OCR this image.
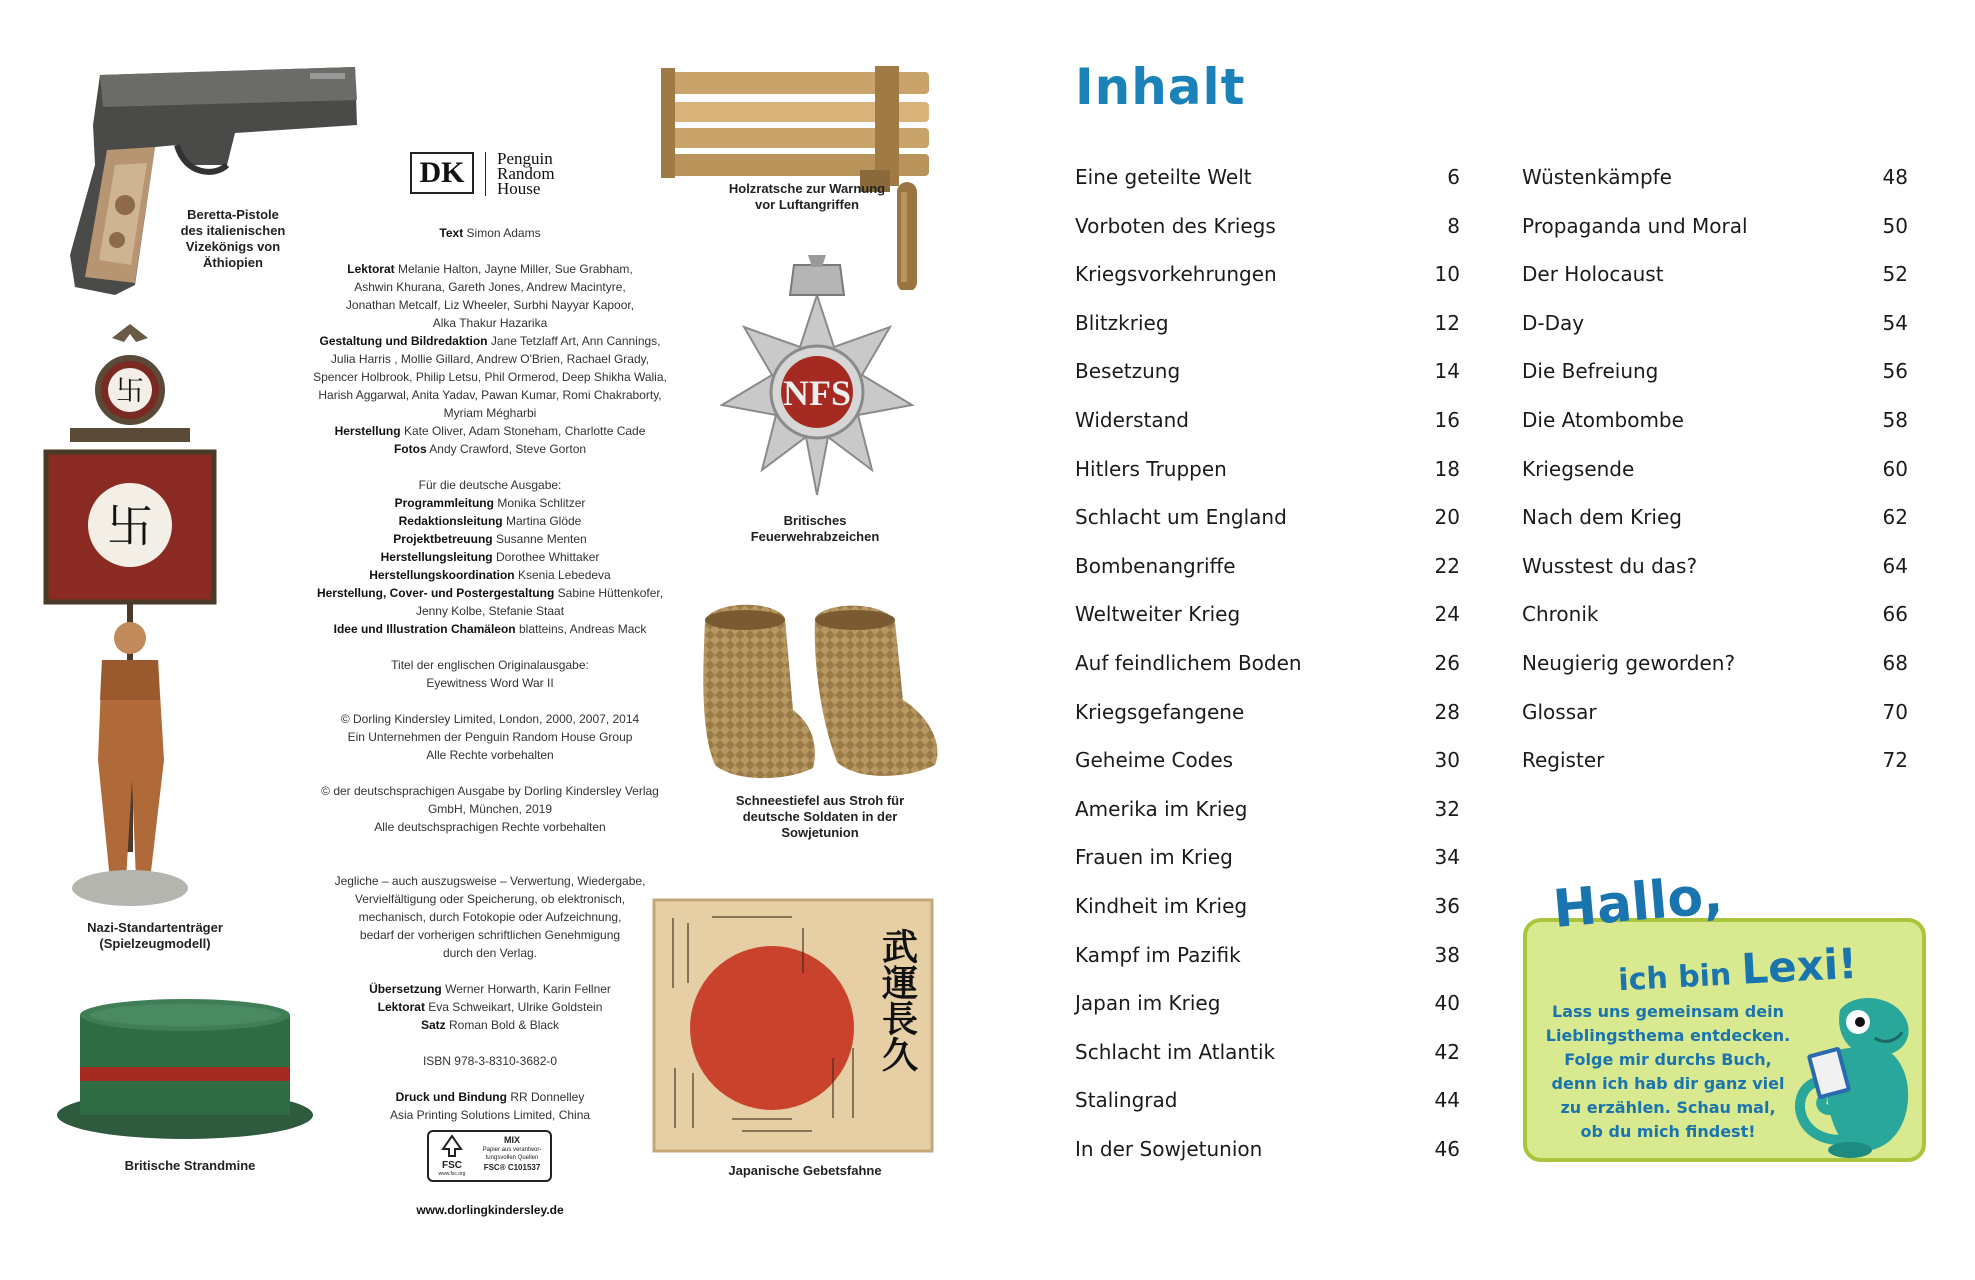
Beretta-Pistole
des italienischen
Vizekönigs von
Äthiopien
卐
卐
Nazi-Standartenträger
(Spielzeugmodell)
Britische Strandmine
DK	Penguin
Random
House
Text Simon Adams
Lektorat Melanie Halton, Jayne Miller, Sue Grabham,
Ashwin Khurana, Gareth Jones, Andrew Macintyre,
Jonathan Metcalf, Liz Wheeler, Surbhi Nayyar Kapoor,
Alka Thakur Hazarika
Gestaltung und Bildredaktion Jane Tetzlaff Art, Ann Cannings,
Julia Harris , Mollie Gillard, Andrew O'Brien, Rachael Grady,
Spencer Holbrook, Philip Letsu, Phil Ormerod, Deep Shikha Walia,
Harish Aggarwal, Anita Yadav, Pawan Kumar, Romi Chakraborty,
Myriam Mégharbi
Herstellung Kate Oliver, Adam Stoneham, Charlotte Cade
Fotos Andy Crawford, Steve Gorton
Für die deutsche Ausgabe:
Programmleitung Monika Schlitzer
Redaktionsleitung Martina Glöde
Projektbetreuung Susanne Menten
Herstellungsleitung Dorothee Whittaker
Herstellungskoordination Ksenia Lebedeva
Herstellung, Cover- und Postergestaltung Sabine Hüttenkofer,
Jenny Kolbe, Stefanie Staat
Idee und Illustration Chamäleon blatteins, Andreas Mack
Titel der englischen Originalausgabe:
Eyewitness Word War II
© Dorling Kindersley Limited, London, 2000, 2007, 2014
Ein Unternehmen der Penguin Random House Group
Alle Rechte vorbehalten
© der deutschsprachigen Ausgabe by Dorling Kindersley Verlag
GmbH, München, 2019
Alle deutschsprachigen Rechte vorbehalten
Jegliche – auch auszugsweise – Verwertung, Wiedergabe,
Vervielfältigung oder Speicherung, ob elektronisch,
mechanisch, durch Fotokopie oder Aufzeichnung,
bedarf der vorherigen schriftlichen Genehmigung
durch den Verlag.
Übersetzung Werner Horwarth, Karin Fellner
Lektorat Eva Schweikart, Ulrike Goldstein
Satz Roman Bold & Black
ISBN 978-3-8310-3682-0
Druck und Bindung RR Donnelley
Asia Printing Solutions Limited, China
FSC
www.fsc.org
MIX
Papier aus verantwor-
tungsvollen Quellen
FSC® C101537
www.dorlingkindersley.de
Holzratsche zur Warnung
vor Luftangriffen
NFS
Britisches
Feuerwehrabzeichen
Schneestiefel aus Stroh für
deutsche Soldaten in der
Sowjetunion
武運長久
Japanische Gebetsfahne
Inhalt
Eine geteilte Welt	6
Vorboten des Kriegs	8
Kriegsvorkehrungen	10
Blitzkrieg	12
Besetzung	14
Widerstand	16
Hitlers Truppen	18
Schlacht um England	20
Bombenangriffe	22
Weltweiter Krieg	24
Auf feindlichem Boden	26
Kriegsgefangene	28
Geheime Codes	30
Amerika im Krieg	32
Frauen im Krieg	34
Kindheit im Krieg	36
Kampf im Pazifik	38
Japan im Krieg	40
Schlacht im Atlantik	42
Stalingrad	44
In der Sowjetunion	46
Wüstenkämpfe	48
Propaganda und Moral	50
Der Holocaust	52
D-Day	54
Die Befreiung	56
Die Atombombe	58
Kriegsende	60
Nach dem Krieg	62
Wusstest du das?	64
Chronik	66
Neugierig geworden?	68
Glossar	70
Register	72
Hallo,
ich bin Lexi!
Lass uns gemeinsam dein
Lieblingsthema entdecken.
Folge mir durchs Buch,
denn ich hab dir ganz viel
zu erzählen. Schau mal,
ob du mich findest!
